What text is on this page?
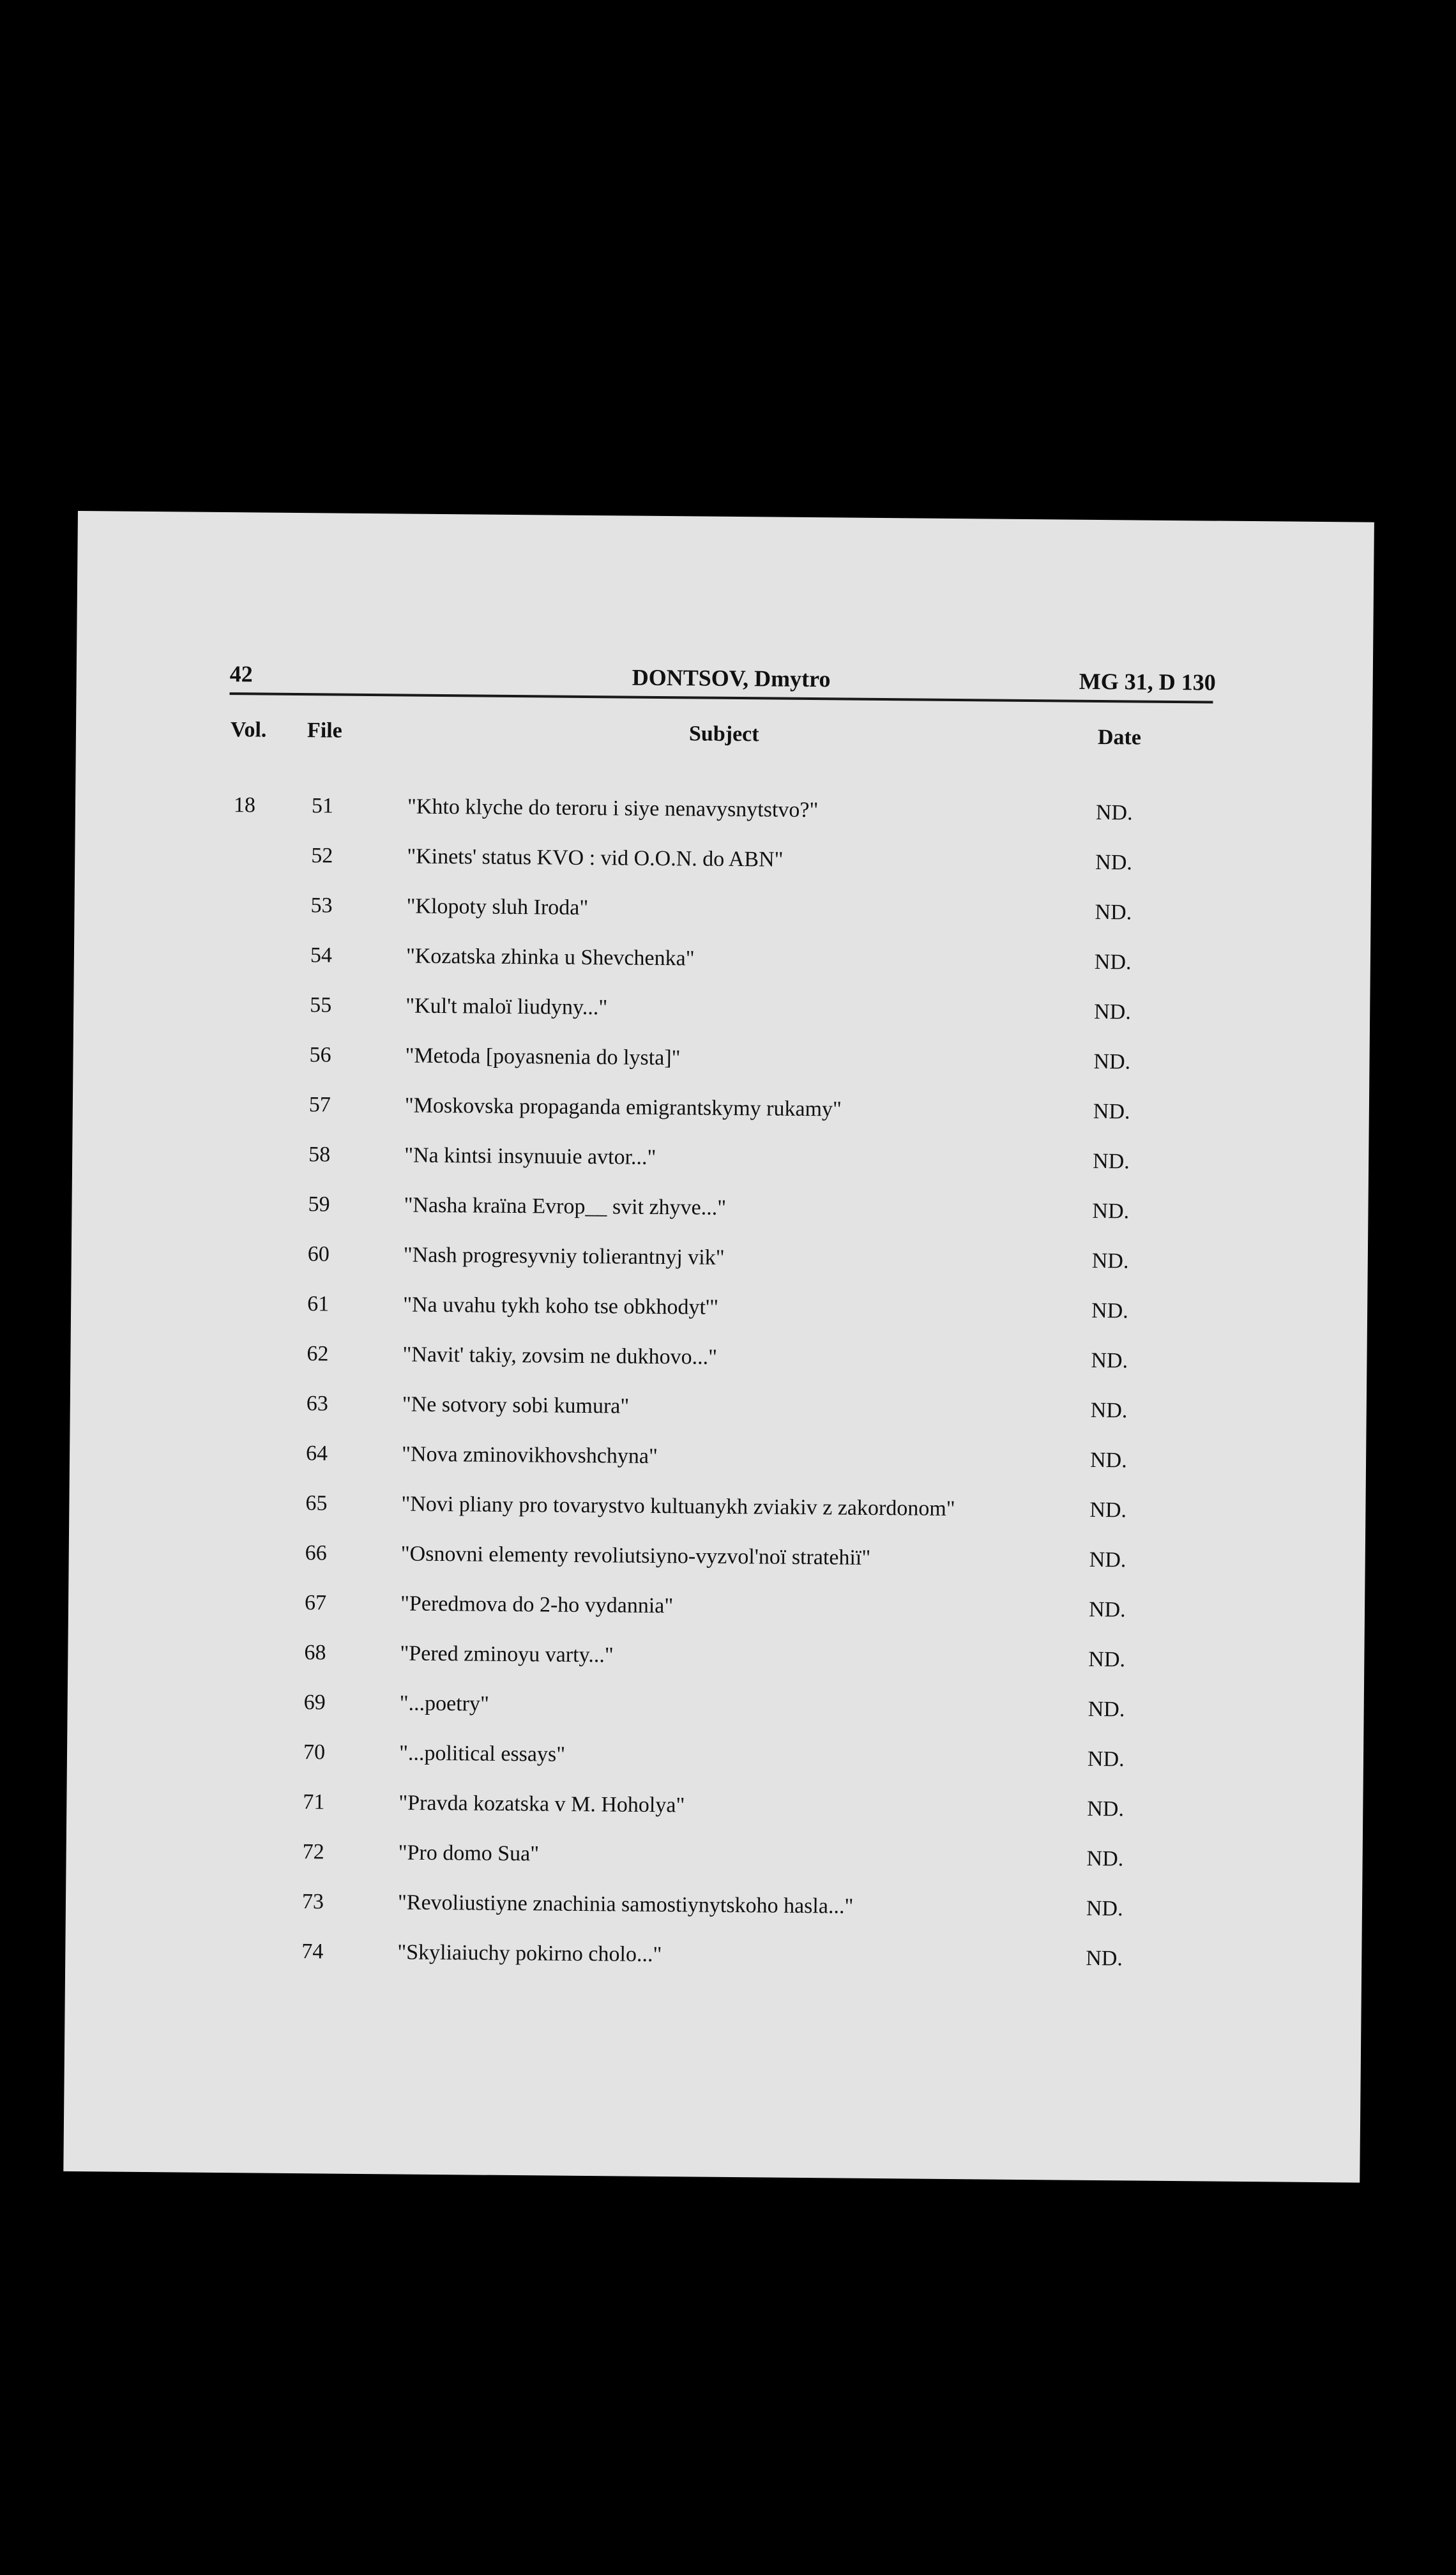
42	DONTSOV, Dmytro	MG 31, D 130
Vol. File	Subject	Date
18	51	"Khto klyche do teroru i siye nenavysnytstvo?"	ND.
52	"Kinets' status KVO : vid O.O.N. do ABN"	ND.
53	"Klopoty sluh Iroda"	ND.
54	"Kozatska zhinka u Shevchenka"	ND.
55	"Kul't maloï liudyny..."	ND.
56	"Metoda [poyasnenia do lysta]"	ND.
57	"Moskovska propaganda emigrantskymy rukamy"	ND.
58	"Na kintsi insynuuie avtor..."	ND.
59	"Nasha kraïna Evrop__ svit zhyve..."	ND.
60	"Nash progresyvniy tolierantnyj vik"	ND.
61	"Na uvahu tykh koho tse obkhodyt'"	ND.
62	"Navit' takiy, zovsim ne dukhovo..."	ND.
63	"Ne sotvory sobi kumura"	ND.
64	"Nova zminovikhovshchyna"	ND.
65	"Novi pliany pro tovarystvo kultuanykh zviakiv z zakordonom"	ND.
66	"Osnovni elementy revoliutsiyno-vyzvol'noï stratehiï"	ND.
67	"Peredmova do 2-ho vydannia"	ND.
68	"Pered zminoyu varty..."	ND.
69	"...poetry"	ND.
70	"...political essays"	ND.
71	"Pravda kozatska v M. Hoholya"	ND.
72	"Pro domo Sua"	ND.
73	"Revoliustiyne znachinia samostiynytskoho hasla..."	ND.
74	"Skyliaiuchy pokirno cholo..."	ND.
